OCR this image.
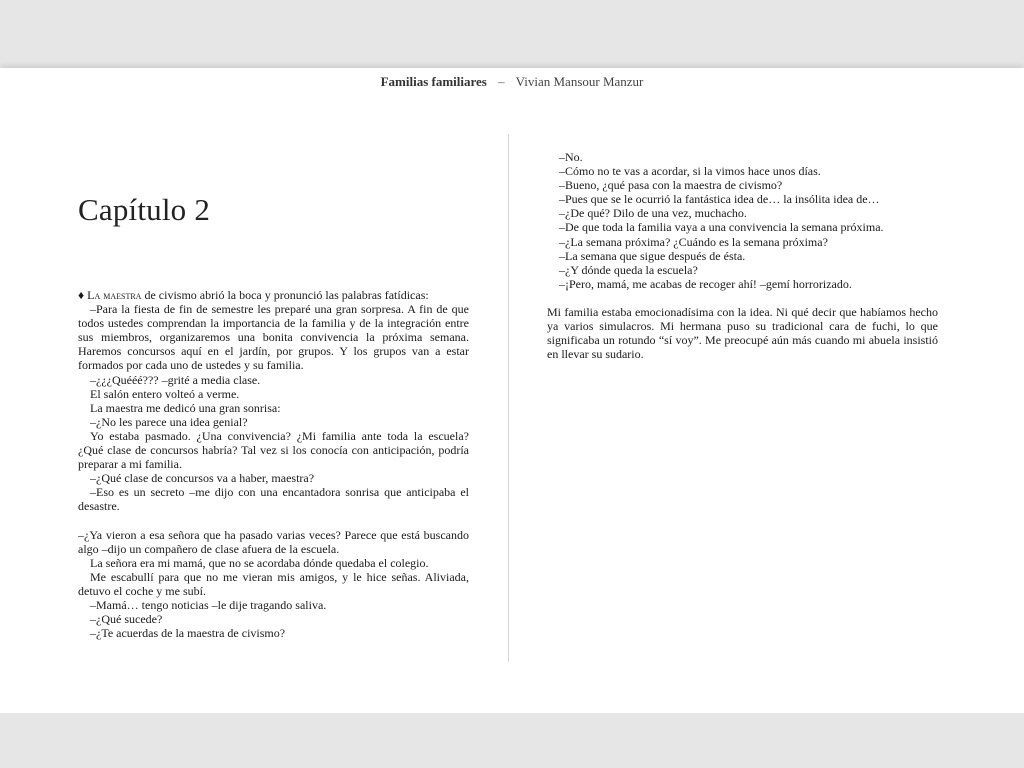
Familias familiares – Vivian Mansour Manzur
Capítulo 2

♦ La maestra de civismo abrió la boca y pronunció las palabras fatídicas:

–Para la fiesta de fin de semestre les preparé una gran sorpresa. A fin de que todos ustedes comprendan la importancia de la familia y de la integración entre sus miembros, organizaremos una bonita convivencia la próxima semana. Haremos concursos aquí en el jardín, por grupos. Y los grupos van a estar formados por cada uno de ustedes y su familia.

–¿¿¿Quééé??? –grité a media clase.

El salón entero volteó a verme.

La maestra me dedicó una gran sonrisa:

–¿No les parece una idea genial?

Yo estaba pasmado. ¿Una convivencia? ¿Mi familia ante toda la escuela? ¿Qué clase de concursos habría? Tal vez si los conocía con anticipación, podría preparar a mi familia.

–¿Qué clase de concursos va a haber, maestra?

–Eso es un secreto –me dijo con una encantadora sonrisa que anticipaba el desastre.

–¿Ya vieron a esa señora que ha pasado varias veces? Parece que está buscando algo –dijo un compañero de clase afuera de la escuela.

La señora era mi mamá, que no se acordaba dónde quedaba el colegio.

Me escabullí para que no me vieran mis amigos, y le hice señas. Aliviada, detuvo el coche y me subí.

–Mamá… tengo noticias –le dije tragando saliva.

–¿Qué sucede?

–¿Te acuerdas de la maestra de civismo?

–No.
–Cómo no te vas a acordar, si la vimos hace unos días.
–Bueno, ¿qué pasa con la maestra de civismo?
–Pues que se le ocurrió la fantástica idea de… la insólita idea de…
–¿De qué? Dilo de una vez, muchacho.
–De que toda la familia vaya a una convivencia la semana próxima.
–¿La semana próxima? ¿Cuándo es la semana próxima?
–La semana que sigue después de ésta.
–¿Y dónde queda la escuela?
–¡Pero, mamá, me acabas de recoger ahí! –gemí horrorizado.

Mi familia estaba emocionadísima con la idea. Ni qué decir que habíamos hecho ya varios simulacros. Mi hermana puso su tradicional cara de fuchi, lo que significaba un rotundo “sí voy”. Me preocupé aún más cuando mi abuela insistió en llevar su sudario.
